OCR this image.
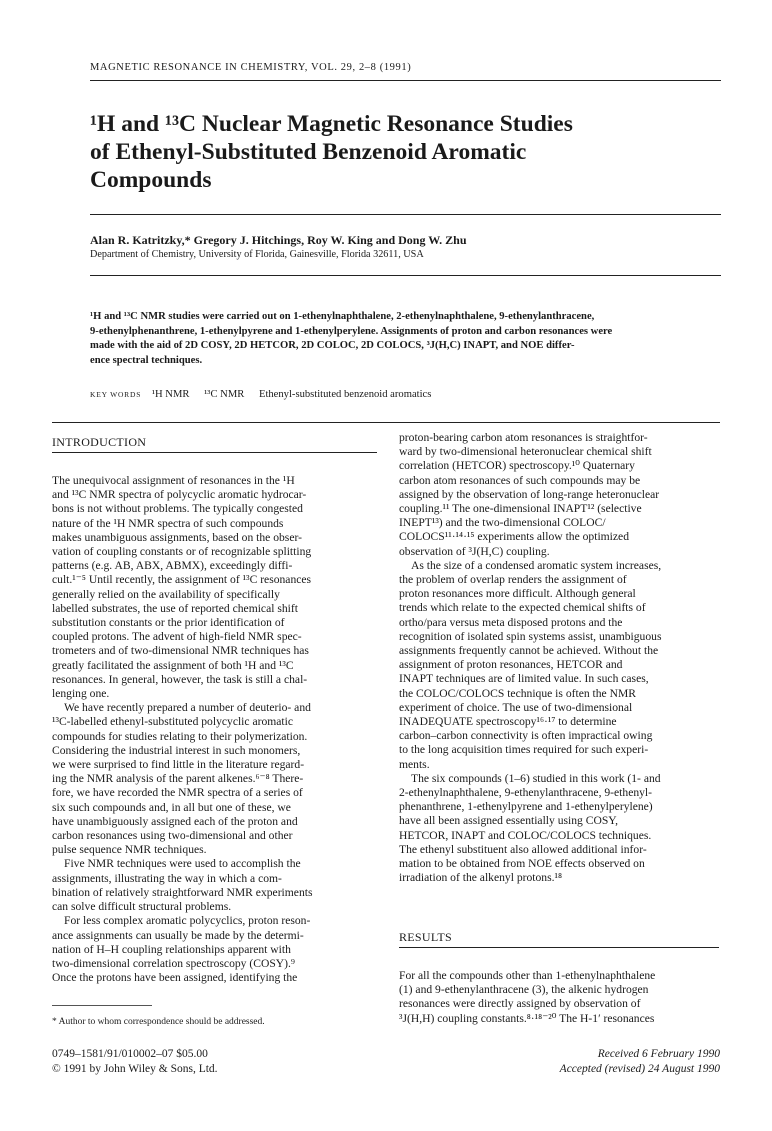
MAGNETIC RESONANCE IN CHEMISTRY, VOL. 29, 2–8 (1991)
¹H and ¹³C Nuclear Magnetic Resonance Studies
of Ethenyl-Substituted Benzenoid Aromatic
Compounds
Alan R. Katritzky,* Gregory J. Hitchings, Roy W. King and Dong W. Zhu
Department of Chemistry, University of Florida, Gainesville, Florida 32611, USA
¹H and ¹³C NMR studies were carried out on 1-ethenylnaphthalene, 2-ethenylnaphthalene, 9-ethenylanthracene,
9-ethenylphenanthrene, 1-ethenylpyrene and 1-ethenylperylene. Assignments of proton and carbon resonances were
made with the aid of 2D COSY, 2D HETCOR, 2D COLOC, 2D COLOCS, ³J(H,C) INAPT, and NOE differ-
ence spectral techniques.
KEY WORDS ¹H NMR ¹³C NMR Ethenyl-substituted benzenoid aromatics
INTRODUCTION

The unequivocal assignment of resonances in the ¹H

and ¹³C NMR spectra of polycyclic aromatic hydrocar-

bons is not without problems. The typically congested

nature of the ¹H NMR spectra of such compounds

makes unambiguous assignments, based on the obser-

vation of coupling constants or of recognizable splitting

patterns (e.g. AB, ABX, ABMX), exceedingly diffi-

cult.¹⁻⁵ Until recently, the assignment of ¹³C resonances

generally relied on the availability of specifically

labelled substrates, the use of reported chemical shift

substitution constants or the prior identification of

coupled protons. The advent of high-field NMR spec-

trometers and of two-dimensional NMR techniques has

greatly facilitated the assignment of both ¹H and ¹³C

resonances. In general, however, the task is still a chal-

lenging one.

We have recently prepared a number of deuterio- and

¹³C-labelled ethenyl-substituted polycyclic aromatic

compounds for studies relating to their polymerization.

Considering the industrial interest in such monomers,

we were surprised to find little in the literature regard-

ing the NMR analysis of the parent alkenes.⁶⁻⁸ There-

fore, we have recorded the NMR spectra of a series of

six such compounds and, in all but one of these, we

have unambiguously assigned each of the proton and

carbon resonances using two-dimensional and other

pulse sequence NMR techniques.

Five NMR techniques were used to accomplish the

assignments, illustrating the way in which a com-

bination of relatively straightforward NMR experiments

can solve difficult structural problems.

For less complex aromatic polycyclics, proton reson-

ance assignments can usually be made by the determi-

nation of H–H coupling relationships apparent with

two-dimensional correlation spectroscopy (COSY).⁹

Once the protons have been assigned, identifying the

* Author to whom correspondence should be addressed.

proton-bearing carbon atom resonances is straightfor-

ward by two-dimensional heteronuclear chemical shift

correlation (HETCOR) spectroscopy.¹⁰ Quaternary

carbon atom resonances of such compounds may be

assigned by the observation of long-range heteronuclear

coupling.¹¹ The one-dimensional INAPT¹² (selective

INEPT¹³) and the two-dimensional COLOC/

COLOCS¹¹·¹⁴·¹⁵ experiments allow the optimized

observation of ³J(H,C) coupling.

As the size of a condensed aromatic system increases,

the problem of overlap renders the assignment of

proton resonances more difficult. Although general

trends which relate to the expected chemical shifts of

ortho/para versus meta disposed protons and the

recognition of isolated spin systems assist, unambiguous

assignments frequently cannot be achieved. Without the

assignment of proton resonances, HETCOR and

INAPT techniques are of limited value. In such cases,

the COLOC/COLOCS technique is often the NMR

experiment of choice. The use of two-dimensional

INADEQUATE spectroscopy¹⁶·¹⁷ to determine

carbon–carbon connectivity is often impractical owing

to the long acquisition times required for such experi-

ments.

The six compounds (1–6) studied in this work (1- and

2-ethenylnaphthalene, 9-ethenylanthracene, 9-ethenyl-

phenanthrene, 1-ethenylpyrene and 1-ethenylperylene)

have all been assigned essentially using COSY,

HETCOR, INAPT and COLOC/COLOCS techniques.

The ethenyl substituent also allowed additional infor-

mation to be obtained from NOE effects observed on

irradiation of the alkenyl protons.¹⁸

RESULTS

For all the compounds other than 1-ethenylnaphthalene

(1) and 9-ethenylanthracene (3), the alkenic hydrogen

resonances were directly assigned by observation of

³J(H,H) coupling constants.⁸·¹⁸⁻²⁰ The H-1′ resonances

0749–1581/91/010002–07 $05.00
© 1991 by John Wiley & Sons, Ltd.
Received 6 February 1990
Accepted (revised) 24 August 1990
